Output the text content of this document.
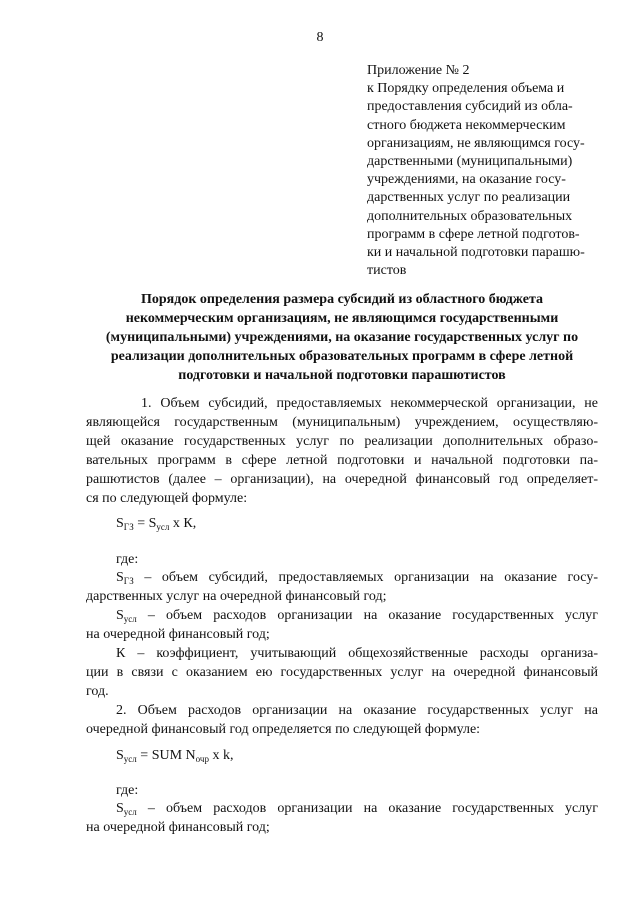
8
Приложение № 2
к Порядку определения объема и
предоставления субсидий из обла-
стного бюджета некоммерческим
организациям, не являющимся госу-
дарственными (муниципальными)
учреждениями, на оказание госу-
дарственных услуг по реализации
дополнительных образовательных
программ в сфере летной подготов-
ки и начальной подготовки парашю-
тистов
Порядок определения размера субсидий из областного бюджета
некоммерческим организациям, не являющимся государственными
(муниципальными) учреждениями, на оказание государственных услуг по
реализации дополнительных образовательных программ в сфере летной
подготовки и начальной подготовки парашютистов
1. Объем субсидий, предоставляемых некоммерческой организации, не
являющейся государственным (муниципальным) учреждением, осуществляю-
щей оказание государственных услуг по реализации дополнительных образо-
вательных программ в сфере летной подготовки и начальной подготовки па-
рашютистов (далее – организации), на очередной финансовый год определяет-
ся по следующей формуле:
$S_{ГЗ} = S_{усл}$ х К,
где:
$S_{ГЗ}$ – объем субсидий, предоставляемых организации на оказание госу-
дарственных услуг на очередной финансовый год;
$S_{усл}$ – объем расходов организации на оказание государственных услуг
на очередной финансовый год;
К – коэффициент, учитывающий общехозяйственные расходы организа-
ции в связи с оказанием ею государственных услуг на очередной финансовый
год.
2. Объем расходов организации на оказание государственных услуг на
очередной финансовый год определяется по следующей формуле:
$S_{усл}$ = SUM $N_{очр}$ х k,
где:
$S_{усл}$ – объем расходов организации на оказание государственных услуг
на очередной финансовый год;
